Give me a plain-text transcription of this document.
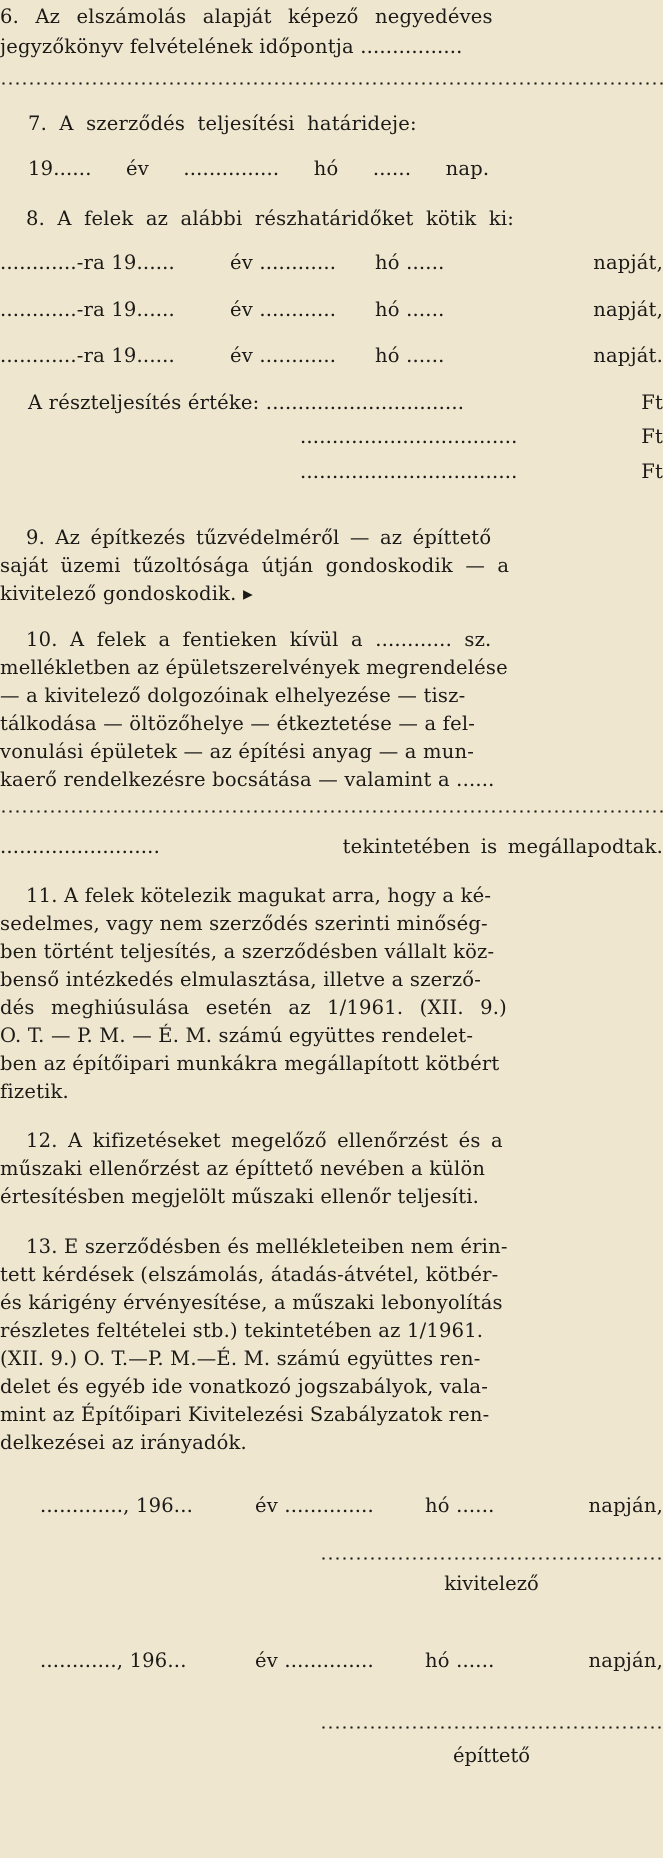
6. Az elszámolás alapját képező negyedéves
jegyzőkönyv felvételének időpontja ................
7. A szerződés teljesítési határideje:
19...... év ............... hó ...... nap.
8. A felek az alábbi részhatáridőket kötik ki:
............-ra 19......	év ............	hó ......	napját,
............-ra 19......	év ............	hó ......	napját,
............-ra 19......	év ............	hó ......	napját.
A részteljesítés értéke: ...............................	Ft
..................................	Ft
..................................	Ft
9. Az építkezés tűzvédelméről — az építtető
saját üzemi tűzoltósága útján gondoskodik — a
kivitelező gondoskodik. ▸
10. A felek a fentieken kívül a ............ sz.
mellékletben az épületszerelvények megrendelése
— a kivitelező dolgozóinak elhelyezése — tisz-
tálkodása — öltözőhelye — étkeztetése — a fel-
vonulási épületek — az építési anyag — a mun-
kaerő rendelkezésre bocsátása — valamint a ......
.........................	tekintetében is megállapodtak.
11. A felek kötelezik magukat arra, hogy a ké-
sedelmes, vagy nem szerződés szerinti minőség-
ben történt teljesítés, a szerződésben vállalt köz-
benső intézkedés elmulasztása, illetve a szerző-
dés meghiúsulása esetén az 1/1961. (XII. 9.)
O. T. — P. M. — É. M. számú együttes rendelet-
ben az építőipari munkákra megállapított kötbért
fizetik.
12. A kifizetéseket megelőző ellenőrzést és a
műszaki ellenőrzést az építtető nevében a külön
értesítésben megjelölt műszaki ellenőr teljesíti.
13. E szerződésben és mellékleteiben nem érin-
tett kérdések (elszámolás, átadás-átvétel, kötbér-
és kárigény érvényesítése, a műszaki lebonyolítás
részletes feltételei stb.) tekintetében az 1/1961.
(XII. 9.) O. T.—P. M.—É. M. számú együttes ren-
delet és egyéb ide vonatkozó jogszabályok, vala-
mint az Építőipari Kivitelezési Szabályzatok ren-
delkezései az irányadók.
............., 196...	év ..............	hó ......	napján,
kivitelező
............, 196...	év ..............	hó ......	napján,
építtető
